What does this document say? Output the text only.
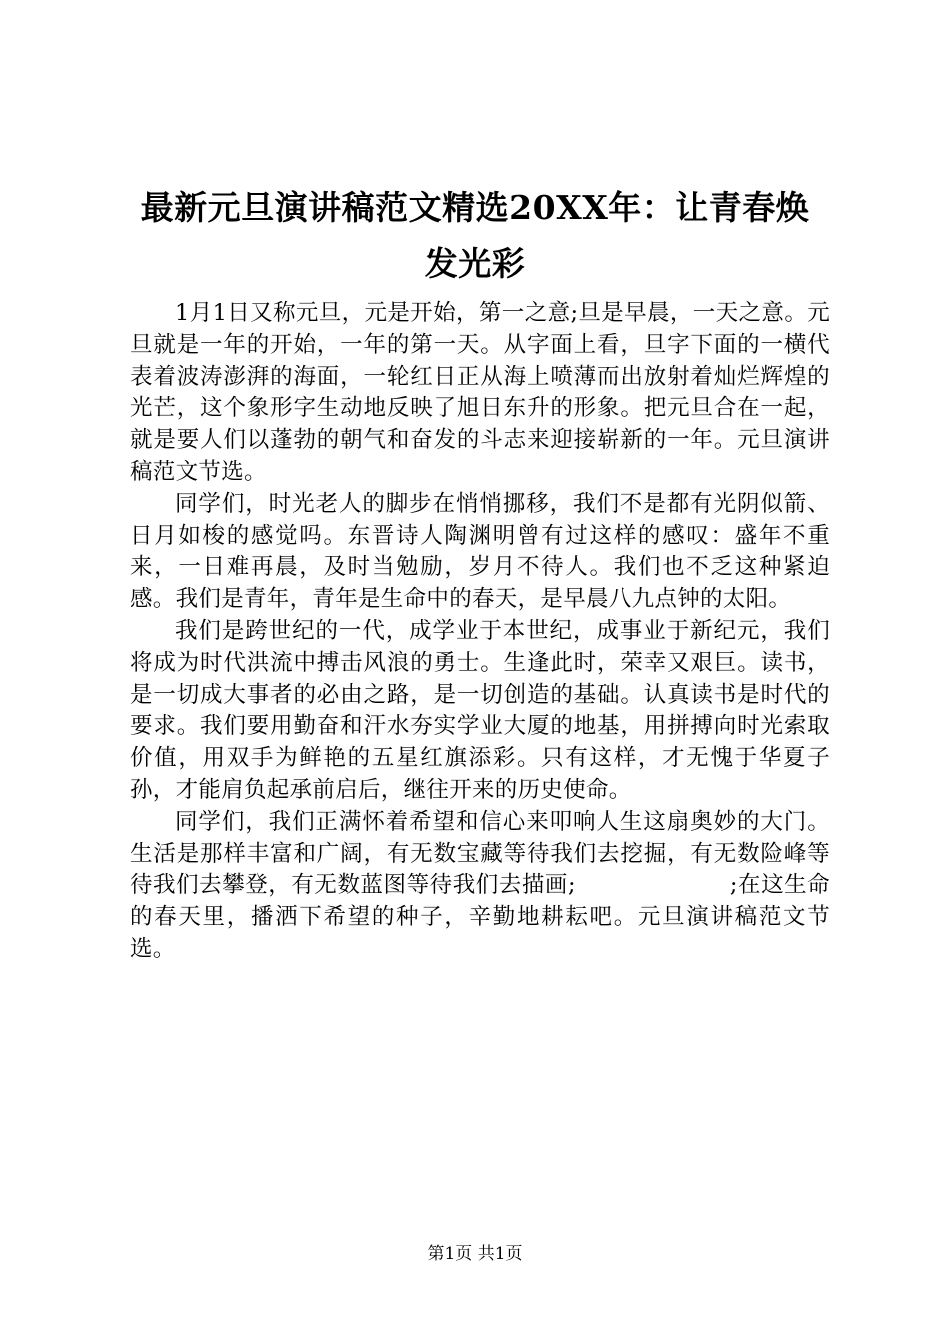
最新元旦演讲稿范文精选20XX年：让青春焕
发光彩

1月1日又称元旦，元是开始，第一之意;旦是早晨，一天之意。元旦就是一年的开始，一年的第一天。从字面上看，旦字下面的一横代表着波涛澎湃的海面，一轮红日正从海上喷薄而出放射着灿烂辉煌的光芒，这个象形字生动地反映了旭日东升的形象。把元旦合在一起，就是要人们以蓬勃的朝气和奋发的斗志来迎接崭新的一年。元旦演讲稿范文节选。

同学们，时光老人的脚步在悄悄挪移，我们不是都有光阴似箭、日月如梭的感觉吗。东晋诗人陶渊明曾有过这样的感叹：盛年不重来，一日难再晨，及时当勉励，岁月不待人。我们也不乏这种紧迫感。我们是青年，青年是生命中的春天，是早晨八九点钟的太阳。

我们是跨世纪的一代，成学业于本世纪，成事业于新纪元，我们将成为时代洪流中搏击风浪的勇士。生逢此时，荣幸又艰巨。读书，是一切成大事者的必由之路，是一切创造的基础。认真读书是时代的要求。我们要用勤奋和汗水夯实学业大厦的地基，用拼搏向时光索取价值，用双手为鲜艳的五星红旗添彩。只有这样，才无愧于华夏子孙，才能肩负起承前启后，继往开来的历史使命。

同学们，我们正满怀着希望和信心来叩响人生这扇奥妙的大门。生活是那样丰富和广阔，有无数宝藏等待我们去挖掘，有无数险峰等待我们去攀登，有无数蓝图等待我们去描画;                    ;在这生命的春天里，播洒下希望的种子，辛勤地耕耘吧。元旦演讲稿范文节选。

第1页 共1页
